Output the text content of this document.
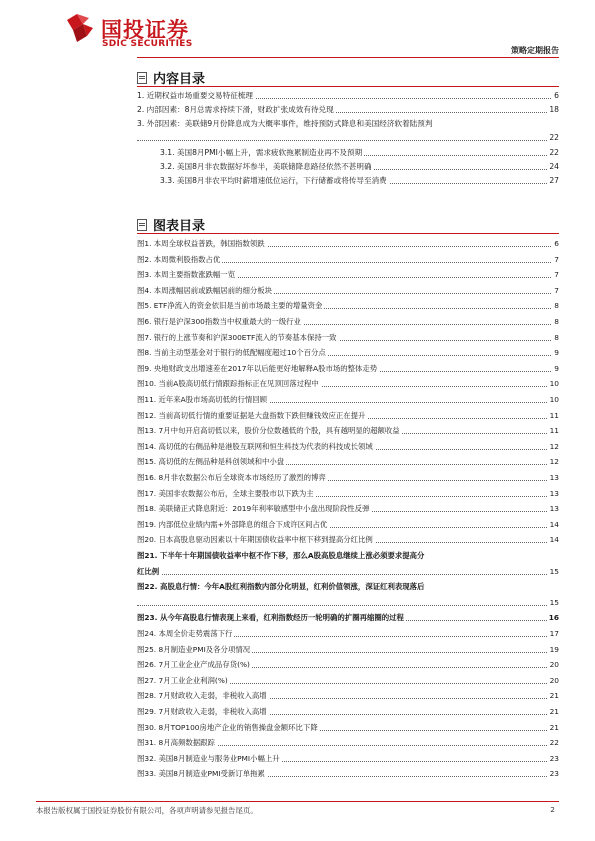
国投证券
SDIC SECURITIES
策略定期报告
内容目录
1. 近期权益市场重要交易特征梳理	6
2. 内部因素：8月总需求持续下滑，财政扩张成效有待兑现	18
3. 外部因素：美联储9月份降息成为大概率事件，维持预防式降息和美国经济软着陆预判
22
3.1. 美国8月PMI小幅上升，需求疲软拖累制造业再不及预期	22
3.2. 美国8月非农数据好坏参半，美联储降息路径依然不甚明确	24
3.3. 美国8月非农平均时薪增速低位运行，下行储蓄或将传导至消费	27
图表目录
图1. 本周全球权益普跌，韩国指数领跌	6
图2. 本周微利股指数占优	7
图3. 本周主要指数涨跌幅一览	7
图4. 本周涨幅居前或跌幅居前的细分板块	7
图5. ETF净流入的资金依旧是当前市场最主要的增量资金	8
图6. 银行是沪深300指数当中权重最大的一级行业	8
图7. 银行的上涨节奏和沪深300ETF流入的节奏基本保持一致	8
图8. 当前主动型基金对于银行的低配幅度超过10个百分点	9
图9. 央地财政支出增速差在2017年以后能更好地解释A股市场的整体走势	9
图10. 当前A股高切低行情跟踪指标正在见顶回落过程中	10
图11. 近年来A股市场高切低的行情回顾	10
图12. 当前高切低行情的重要证据是大盘指数下跌但赚钱效应正在提升	11
图13. 7月中旬开启高切低以来，股价分位数越低的个股，具有越明显的超额收益	11
图14. 高切低的右侧品种是港股互联网和恒生科技为代表的科技成长领域	12
图15. 高切低的左侧品种是科创领域和中小盘	12
图16. 8月非农数据公布后全球资本市场经历了激烈的博弈	13
图17. 美国非农数据公布后，全球主要股市以下跌为主	13
图18. 美联储正式降息附近：2019年利率敏感型中小盘出现阶段性反弹	13
图19. 内部低位业绩内需+外部降息的组合下成许区间占优	14
图20. 日本高股息驱动因素以十年期国债收益率中枢下移到提高分红比例	14
图21. 下半年十年期国债收益率中枢不作下移，那么A股高股息继续上涨必须要求提高分
红比例	15
图22. 高股息行情：今年A股红利指数内部分化明显，红利价值领涨，深证红利表现落后
15
图23. 从今年高股息行情表现上来看，红利指数经历一轮明确的扩圈再缩圈的过程	16
图24. 本周全价走势震荡下行	17
图25. 8月制造业PMI及各分项情况	19
图26. 7月工业企业产成品存货(%)	20
图27. 7月工业企业利润(%)	20
图28. 7月财政收入走弱，非税收入高增	21
图29. 7月财政收入走弱，非税收入高增	21
图30. 8月TOP100房地产企业的销售操盘金额环比下降	21
图31. 8月高频数据跟踪	22
图32. 美国8月制造业与服务业PMI小幅上升	23
图33. 美国8月制造业PMI受新订单拖累	23
本报告版权属于国投证券股份有限公司，各项声明请参见报告尾页。	2
